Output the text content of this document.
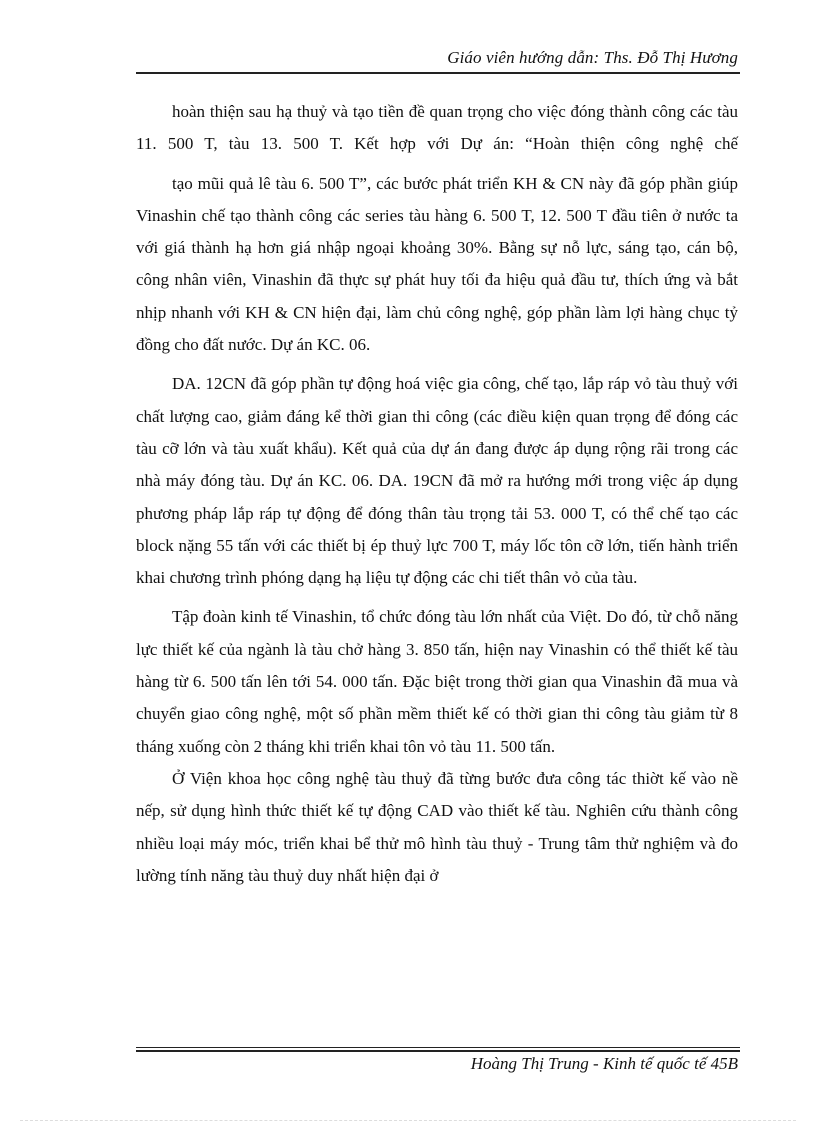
Giáo viên hướng dẫn: Ths. Đỗ Thị Hương

hoàn thiện sau hạ thuỷ và tạo tiền đề quan trọng cho việc đóng thành công các tàu 11. 500 T, tàu 13. 500 T. Kết hợp với Dự án: “Hoàn thiện công nghệ chế

tạo mũi quả lê tàu 6. 500 T”, các bước phát triển KH & CN này đã góp phần giúp Vinashin chế tạo thành công các series tàu hàng 6. 500 T, 12. 500 T đầu tiên ở nước ta với giá thành hạ hơn giá nhập ngoại khoảng 30%. Bằng sự nỗ lực, sáng tạo, cán bộ, công nhân viên, Vinashin đã thực sự phát huy tối đa hiệu quả đầu tư, thích ứng và bắt nhịp nhanh với KH & CN hiện đại, làm chủ công nghệ, góp phần làm lợi hàng chục tỷ đồng cho đất nước. Dự án KC. 06.

DA. 12CN đã góp phần tự động hoá việc gia công, chế tạo, lắp ráp vỏ tàu thuỷ với chất lượng cao, giảm đáng kể thời gian thi công (các điều kiện quan trọng để đóng các tàu cỡ lớn và tàu xuất khẩu). Kết quả của dự án đang được áp dụng rộng rãi trong các nhà máy đóng tàu. Dự án KC. 06. DA. 19CN đã mở ra hướng mới trong việc áp dụng phương pháp lắp ráp tự động để đóng thân tàu trọng tải 53. 000 T, có thể chế tạo các block nặng 55 tấn với các thiết bị ép thuỷ lực 700 T, máy lốc tôn cỡ lớn, tiến hành triển khai chương trình phóng dạng hạ liệu tự động các chi tiết thân vỏ của tàu.

Tập đoàn kinh tế Vinashin, tổ chức đóng tàu lớn nhất của Việt. Do đó, từ chỗ năng lực thiết kế của ngành là tàu chở hàng 3. 850 tấn, hiện nay Vinashin có thể thiết kế tàu hàng từ 6. 500 tấn lên tới 54. 000 tấn. Đặc biệt trong thời gian qua Vinashin đã mua và chuyển giao công nghệ, một số phần mềm thiết kế có thời gian thi công tàu giảm từ 8 tháng xuống còn 2 tháng khi triển khai tôn vỏ tàu 11. 500 tấn.

Ở Viện khoa học công nghệ tàu thuỷ đã từng bước đưa công tác thiờt kế vào nề nếp, sử dụng hình thức thiết kế tự động CAD vào thiết kế tàu. Nghiên cứu thành công nhiều loại máy móc, triển khai bể thử mô hình tàu thuỷ - Trung tâm thử nghiệm và đo lường tính năng tàu thuỷ duy nhất hiện đại ở

Hoàng Thị Trung - Kinh tế quốc tế 45B
